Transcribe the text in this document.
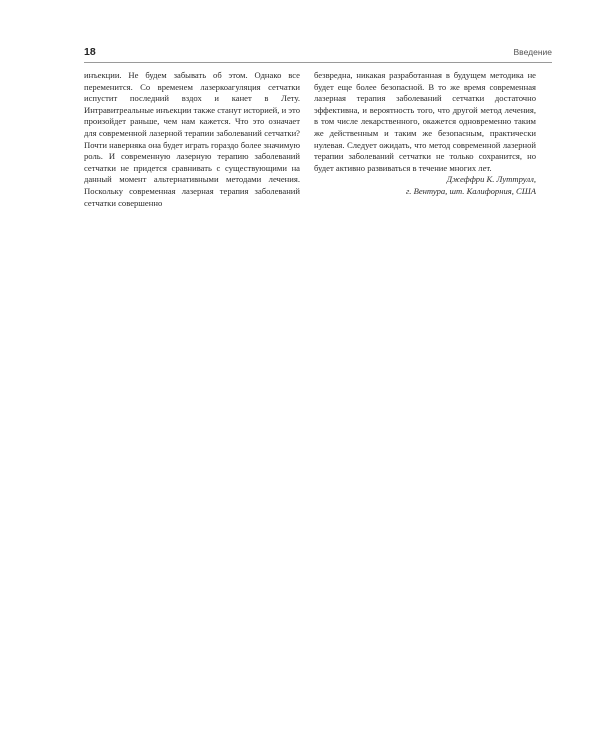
18	Введение
инъекции. Не будем забывать об этом. Однако все переменится. Со временем лазеркоагуляция сетчатки испустит последний вздох и канет в Лету. Интравитреальные инъекции также станут историей, и это произойдет раньше, чем нам кажется. Что это означает для современной лазерной терапии заболеваний сетчатки? Почти наверняка она будет играть гораздо более значимую роль. И современную лазерную терапию заболеваний сетчатки не придется сравнивать с существующими на данный момент альтернативными методами лечения. Поскольку современная лазерная терапия заболеваний сетчатки совершенно
безвредна, никакая разработанная в будущем методика не будет еще более безопасной. В то же время современная лазерная терапия заболеваний сетчатки достаточно эффективна, и вероятность того, что другой метод лечения, в том числе лекарственного, окажется одновременно таким же действенным и таким же безопасным, практически нулевая. Следует ожидать, что метод современной лазерной терапии заболеваний сетчатки не только сохранится, но будет активно развиваться в течение многих лет.
Джеффри К. Луттрулл,
г. Вентура, шт. Калифорния, США
